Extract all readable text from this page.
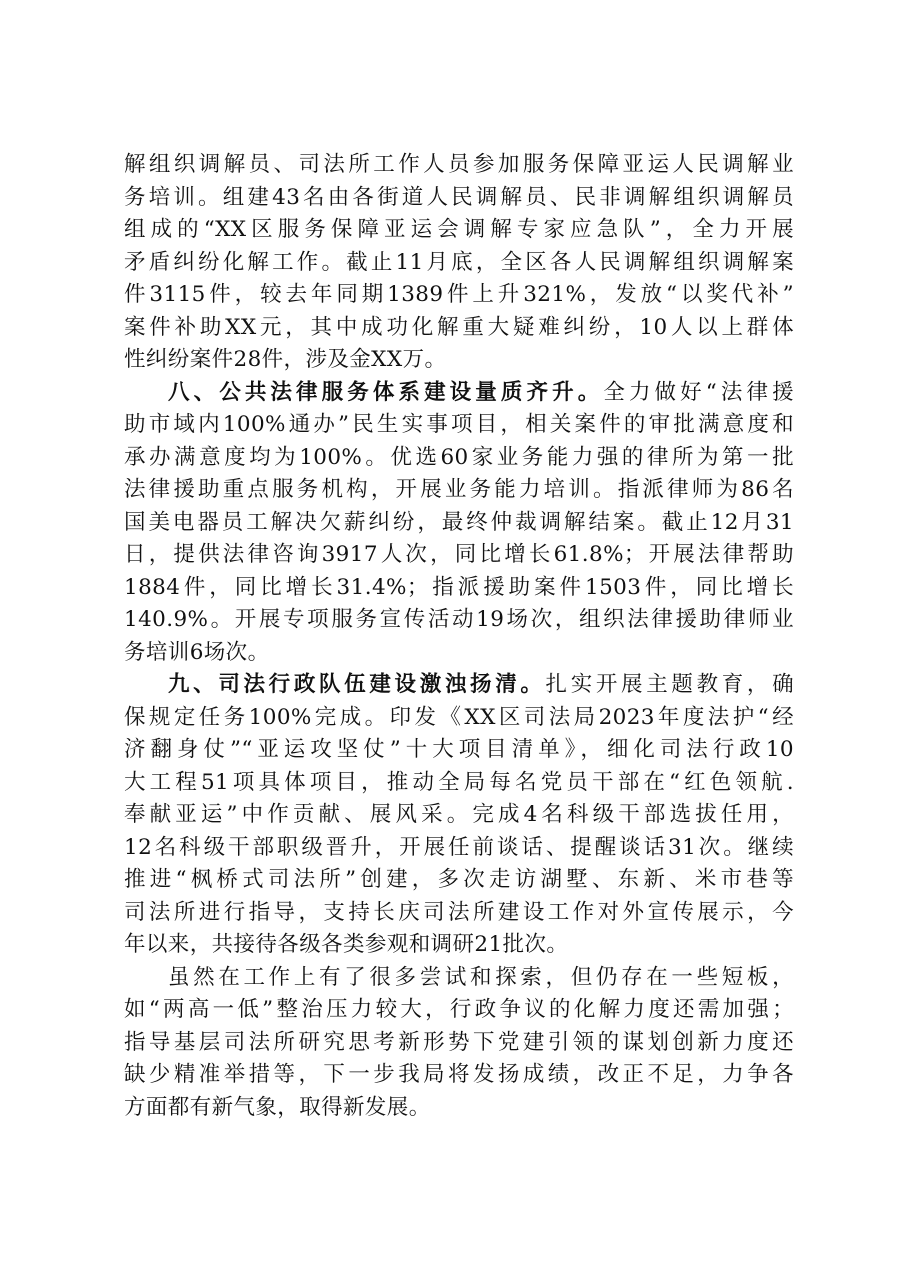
解组织调解员、司法所工作人员参加服务保障亚运人民调解业
务培训。组建43名由各街道人民调解员、民非调解组织调解员
组成的“XX区服务保障亚运会调解专家应急队”，全力开展
矛盾纠纷化解工作。截止11月底，全区各人民调解组织调解案
件3115件，较去年同期1389件上升321%，发放“以奖代补”
案件补助XX元，其中成功化解重大疑难纠纷，10人以上群体
性纠纷案件28件，涉及金XX万。
八、公共法律服务体系建设量质齐升。全力做好“法律援
助市域内100%通办”民生实事项目，相关案件的审批满意度和
承办满意度均为100%。优选60家业务能力强的律所为第一批
法律援助重点服务机构，开展业务能力培训。指派律师为86名
国美电器员工解决欠薪纠纷，最终仲裁调解结案。截止12月31
日，提供法律咨询3917人次，同比增长61.8%；开展法律帮助
1884件，同比增长31.4%；指派援助案件1503件，同比增长
140.9%。开展专项服务宣传活动19场次，组织法律援助律师业
务培训6场次。
九、司法行政队伍建设激浊扬清。扎实开展主题教育，确
保规定任务100%完成。印发《XX区司法局2023年度法护“经
济翻身仗”“亚运攻坚仗”十大项目清单》，细化司法行政10
大工程51项具体项目，推动全局每名党员干部在“红色领航.
奉献亚运”中作贡献、展风采。完成4名科级干部选拔任用，
12名科级干部职级晋升，开展任前谈话、提醒谈话31次。继续
推进“枫桥式司法所”创建，多次走访湖墅、东新、米市巷等
司法所进行指导，支持长庆司法所建设工作对外宣传展示，今
年以来，共接待各级各类参观和调研21批次。
虽然在工作上有了很多尝试和探索，但仍存在一些短板，
如“两高一低”整治压力较大，行政争议的化解力度还需加强；
指导基层司法所研究思考新形势下党建引领的谋划创新力度还
缺少精准举措等，下一步我局将发扬成绩，改正不足，力争各
方面都有新气象，取得新发展。
